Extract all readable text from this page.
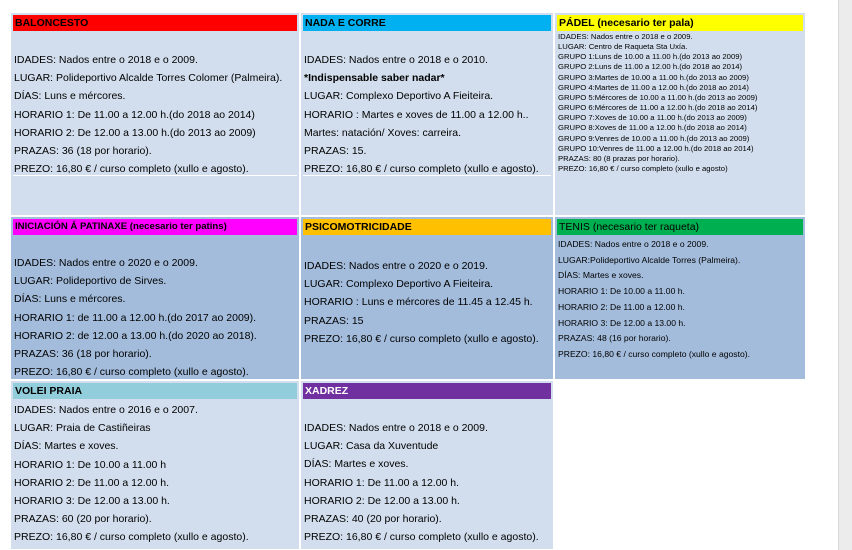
BALONCESTO
IDADES: Nados entre o 2018 e o 2009.
LUGAR: Polideportivo Alcalde Torres Colomer (Palmeira).
DÍAS: Luns e mércores.
HORARIO 1: De 11.00 a 12.00 h.(do 2018 ao 2014)
HORARIO 2: De 12.00 a 13.00 h.(do 2013 ao 2009)
PRAZAS: 36 (18 por horario).
PREZO: 16,80 € / curso completo (xullo e agosto).
NADA E CORRE
IDADES: Nados entre o 2018 e o 2010.
*Indispensable saber nadar*
LUGAR: Complexo Deportivo A Fieiteira.
HORARIO : Martes e xoves de 11.00 a 12.00 h..
Martes: natación/ Xoves: carreira.
PRAZAS: 15.
PREZO: 16,80 € / curso completo (xullo e agosto).
PÁDEL (necesario ter pala)
IDADES: Nados entre o 2018 e o 2009.
LUGAR: Centro de Raqueta Sta Uxía.
GRUPO 1:Luns de 10.00 a 11.00 h.(do 2013 ao 2009)
GRUPO 2:Luns de 11.00 a 12.00 h.(do 2018 ao 2014)
GRUPO 3:Martes de 10.00 a 11.00 h.(do 2013 ao 2009)
GRUPO 4:Martes de 11.00 a 12.00 h.(do 2018 ao 2014)
GRUPO 5:Mércores de 10.00 a 11.00 h.(do 2013 ao 2009)
GRUPO 6:Mércores de 11.00 a 12.00 h.(do 2018 ao 2014)
GRUPO 7:Xoves de 10.00 a 11.00 h.(do 2013 ao 2009)
GRUPO 8:Xoves de 11.00 a 12.00 h.(do 2018 ao 2014)
GRUPO 9:Venres de 10.00 a 11.00 h.(do 2013 ao 2009)
GRUPO 10:Venres de 11.00 a 12.00 h.(do 2018 ao 2014)
PRAZAS: 80 (8 prazas por horario).
PREZO: 16,80 € / curso completo (xullo e agosto)
INICIACIÓN Á PATINAXE (necesario ter patins)
IDADES: Nados entre o 2020 e o 2009.
LUGAR: Polideportivo de Sirves.
DÍAS: Luns e mércores.
HORARIO 1: de 11.00 a 12.00 h.(do 2017 ao 2009).
HORARIO 2: de 12.00 a 13.00 h.(do 2020 ao 2018).
PRAZAS: 36 (18 por horario).
PREZO: 16,80 € / curso completo (xullo e agosto).
PSICOMOTRICIDADE
IDADES: Nados entre o 2020 e o 2019.
LUGAR: Complexo Deportivo A Fieiteira.
HORARIO : Luns e mércores de 11.45 a 12.45 h.
PRAZAS: 15
PREZO: 16,80 € / curso completo (xullo e agosto).
TENIS (necesario ter raqueta)
IDADES: Nados entre o 2018 e o 2009.
LUGAR:Polideportivo Alcalde Torres (Palmeira).
DÍAS: Martes e xoves.
HORARIO 1: De 10.00 a 11.00 h.
HORARIO 2: De 11.00 a 12.00 h.
HORARIO 3: De 12.00 a 13.00 h.
PRAZAS: 48 (16 por horario).
PREZO: 16,80 € / curso completo (xullo e agosto).
VOLEI PRAIA
IDADES: Nados entre o 2016 e o 2007.
LUGAR: Praia de Castiñeiras
DÍAS: Martes e xoves.
HORARIO 1: De 10.00 a 11.00 h
HORARIO 2: De 11.00 a 12.00 h.
HORARIO 3: De 12.00 a 13.00 h.
PRAZAS: 60 (20 por horario).
PREZO: 16,80 € / curso completo (xullo e agosto).
XADREZ
IDADES: Nados entre o 2018 e o 2009.
LUGAR: Casa da Xuventude
DÍAS: Martes e xoves.
HORARIO 1: De 11.00 a 12.00 h.
HORARIO 2: De 12.00 a 13.00 h.
PRAZAS: 40 (20 por horario).
PREZO: 16,80 € / curso completo (xullo e agosto).
